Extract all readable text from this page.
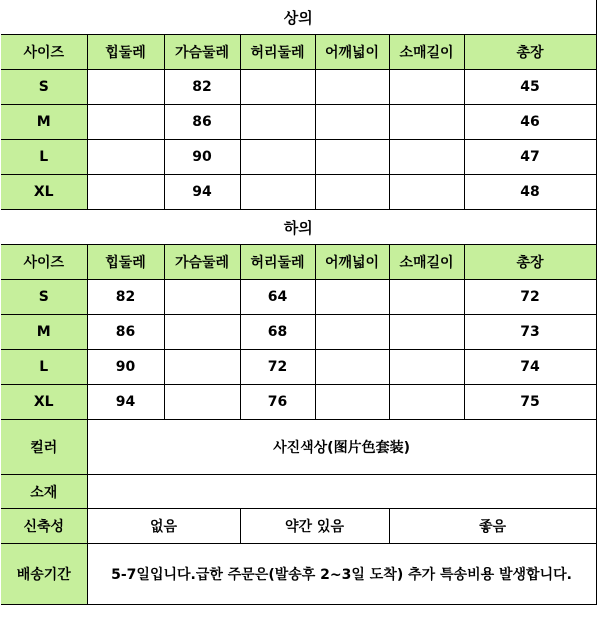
상의						
사이즈	힙둘레	가슴둘레	허리둘레	어깨넓이	소매길이	총장
S		82				45
M		86				46
L		90				47
XL		94				48
하의						
사이즈	힙둘레	가슴둘레	허리둘레	어깨넓이	소매길이	총장
S	82		64			72
M	86		68			73
L	90		72			74
XL	94		76			75
컬러	사진색상(图片色套装)					
소재						
신축성	없음		약간 있음		좋음	
배송기간	5-7일입니다.급한 주문은(발송후 2~3일 도착) 추가 특송비용 발생합니다.					
